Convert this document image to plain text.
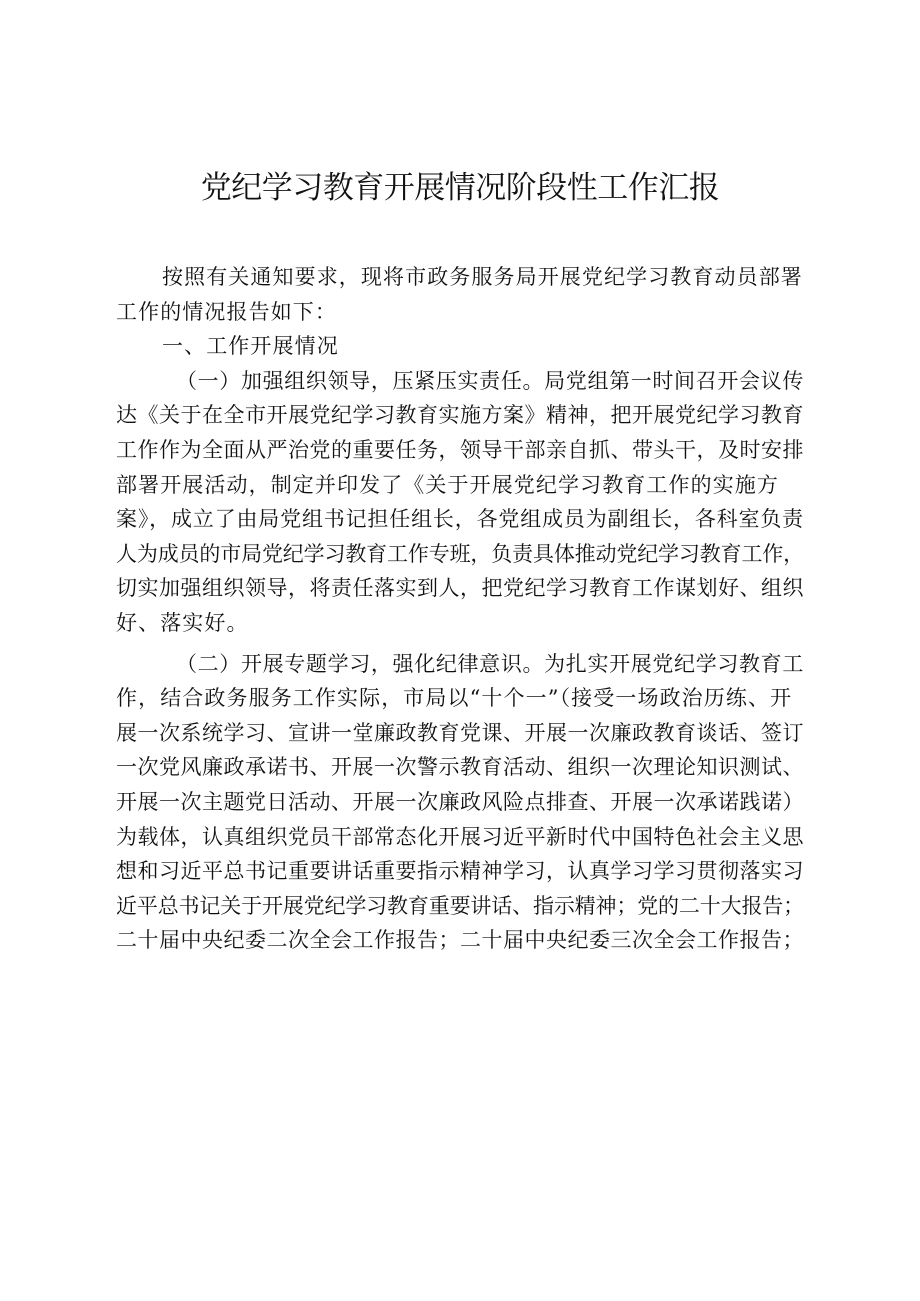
党纪学习教育开展情况阶段性工作汇报

按照有关通知要求，现将市政务服务局开展党纪学习教育动员部署
工作的情况报告如下：

一、工作开展情况

（一）加强组织领导，压紧压实责任。局党组第一时间召开会议传
达《关于在全市开展党纪学习教育实施方案》精神，把开展党纪学习教育
工作作为全面从严治党的重要任务，领导干部亲自抓、带头干，及时安排
部署开展活动，制定并印发了《关于开展党纪学习教育工作的实施方
案》，成立了由局党组书记担任组长，各党组成员为副组长，各科室负责
人为成员的市局党纪学习教育工作专班，负责具体推动党纪学习教育工作，
切实加强组织领导，将责任落实到人，把党纪学习教育工作谋划好、组织
好、落实好。

（二）开展专题学习，强化纪律意识。为扎实开展党纪学习教育工
作，结合政务服务工作实际，市局以“十个一”（接受一场政治历练、开
展一次系统学习、宣讲一堂廉政教育党课、开展一次廉政教育谈话、签订
一次党风廉政承诺书、开展一次警示教育活动、组织一次理论知识测试、
开展一次主题党日活动、开展一次廉政风险点排查、开展一次承诺践诺）
为载体，认真组织党员干部常态化开展习近平新时代中国特色社会主义思
想和习近平总书记重要讲话重要指示精神学习，认真学习学习贯彻落实习
近平总书记关于开展党纪学习教育重要讲话、指示精神；党的二十大报告；
二十届中央纪委二次全会工作报告；二十届中央纪委三次全会工作报告；
